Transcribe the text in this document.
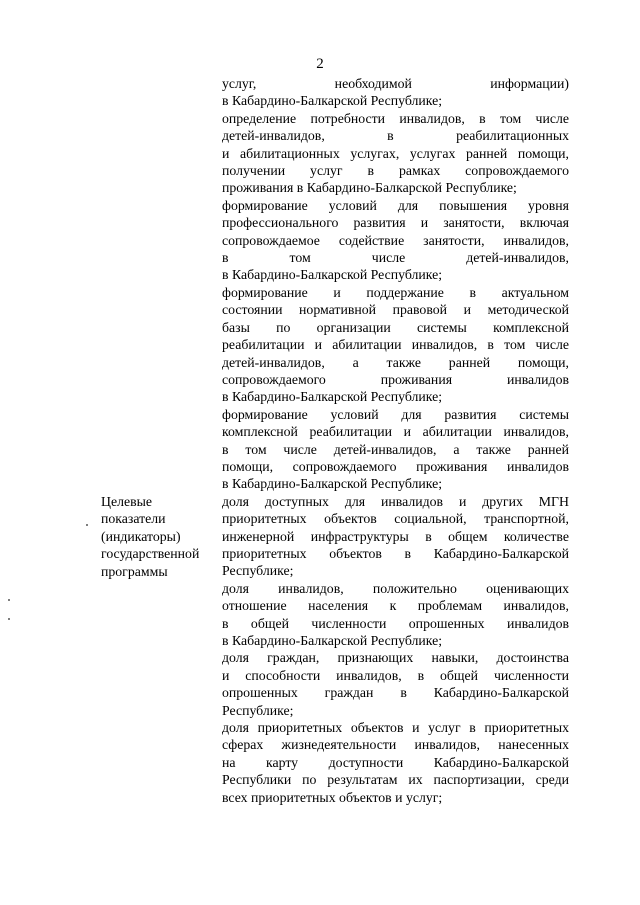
2
Целевые
показатели
(индикаторы)
государственной
программы
услуг, необходимой информации)
в Кабардино-Балкарской Республике;
определение потребности инвалидов, в том числе
детей-инвалидов, в реабилитационных
и абилитационных услугах, услугах ранней помощи,
получении услуг в рамках сопровождаемого
проживания в Кабардино-Балкарской Республике;
формирование условий для повышения уровня
профессионального развития и занятости, включая
сопровождаемое содействие занятости, инвалидов,
в том числе детей-инвалидов,
в Кабардино-Балкарской Республике;
формирование и поддержание в актуальном
состоянии нормативной правовой и методической
базы по организации системы комплексной
реабилитации и абилитации инвалидов, в том числе
детей-инвалидов, а также ранней помощи,
сопровождаемого проживания инвалидов
в Кабардино-Балкарской Республике;
формирование условий для развития системы
комплексной реабилитации и абилитации инвалидов,
в том числе детей-инвалидов, а также ранней
помощи, сопровождаемого проживания инвалидов
в Кабардино-Балкарской Республике;
доля доступных для инвалидов и других МГН
приоритетных объектов социальной, транспортной,
инженерной инфраструктуры в общем количестве
приоритетных объектов в Кабардино-Балкарской
Республике;
доля инвалидов, положительно оценивающих
отношение населения к проблемам инвалидов,
в общей численности опрошенных инвалидов
в Кабардино-Балкарской Республике;
доля граждан, признающих навыки, достоинства
и способности инвалидов, в общей численности
опрошенных граждан в Кабардино-Балкарской
Республике;
доля приоритетных объектов и услуг в приоритетных
сферах жизнедеятельности инвалидов, нанесенных
на карту доступности Кабардино-Балкарской
Республики по результатам их паспортизации, среди
всех приоритетных объектов и услуг;
